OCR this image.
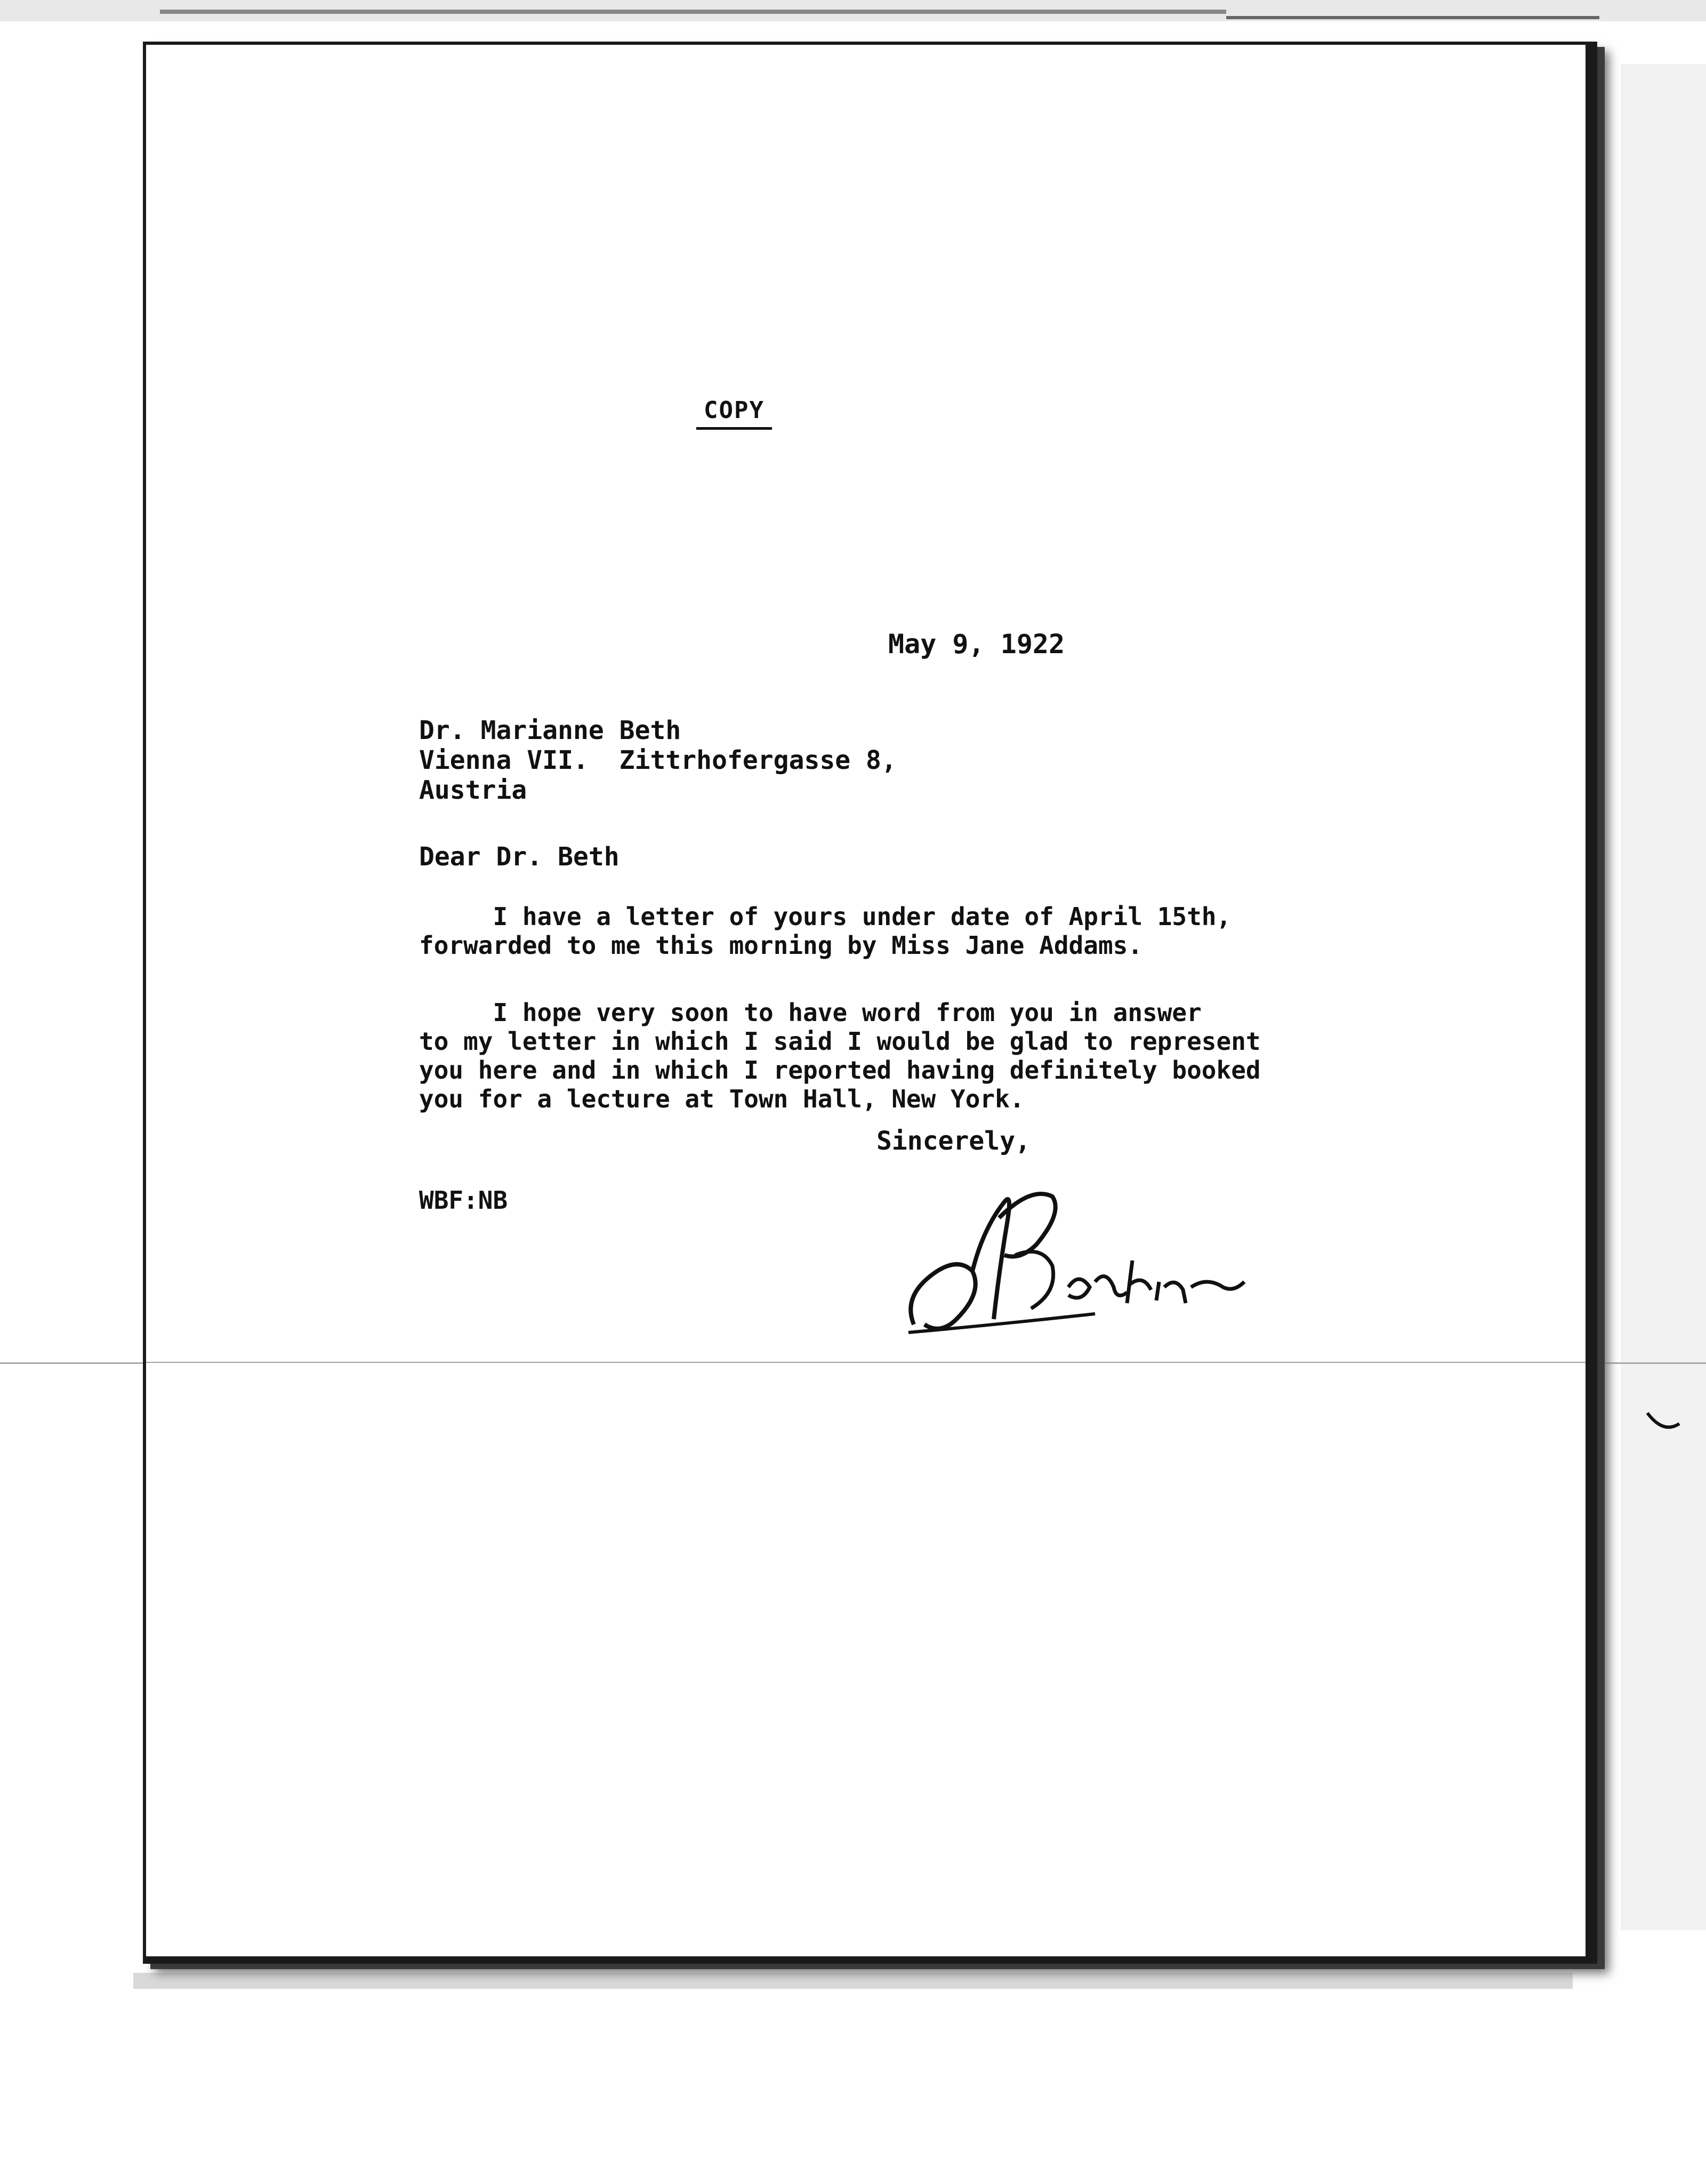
COPY
May 9, 1922
Dr. Marianne Beth
Vienna VII.  Zittrhofergasse 8,
Austria
Dear Dr. Beth
I have a letter of yours under date of April 15th,
forwarded to me this morning by Miss Jane Addams.
I hope very soon to have word from you in answer
to my letter in which I said I would be glad to represent
you here and in which I reported having definitely booked
you for a lecture at Town Hall, New York.
Sincerely,
WBF:NB
